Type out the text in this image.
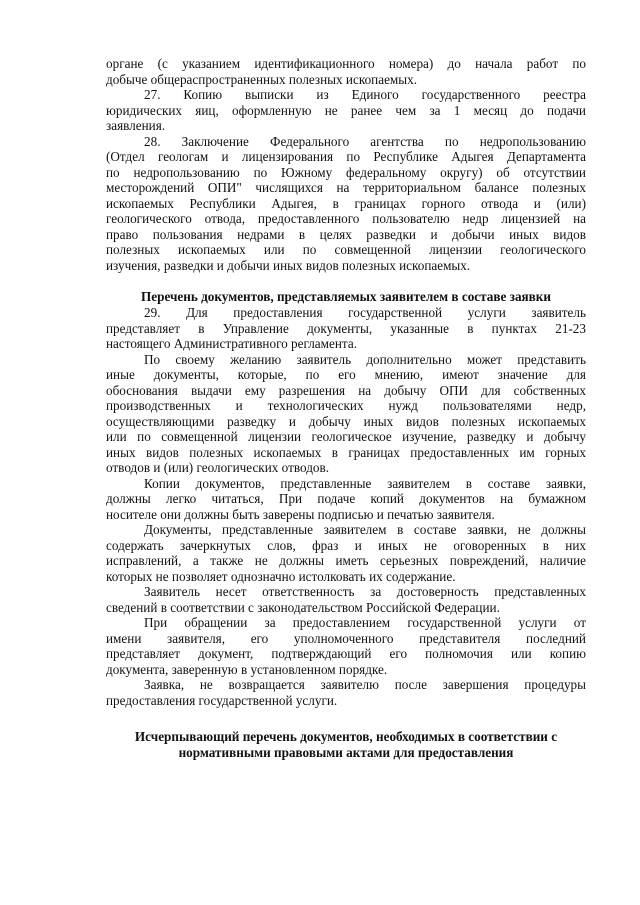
органе (с указанием идентификационного номера) до начала работ по
добыче общераспространенных полезных ископаемых.
27. Копию выписки из Единого государственного реестра
юридических яиц, оформленную не ранее чем за 1 месяц до подачи
заявления.
28. Заключение Федерального агентства по недропользованию
(Отдел геологам и лицензирования по Республике Адыгея Департамента
по недропользованию по Южному федеральному округу) об отсутствии
месторождений ОПИ" числящихся на территориальном балансе полезных
ископаемых Республики Адыгея, в границах горного отвода и (или)
геологического отвода, предоставленного пользователю недр лицензией на
право пользования недрами в целях разведки и добычи иных видов
полезных ископаемых или по совмещенной лицензии геологического
изучения, разведки и добычи иных видов полезных ископаемых.
Перечень документов, представляемых заявителем в составе заявки
29. Для предоставления государственной услуги заявитель
представляет в Управление документы, указанные в пунктах 21-23
настоящего Административного регламента.
По своему желанию заявитель дополнительно может представить
иные документы, которые, по его мнению, имеют значение для
обоснования выдачи ему разрешения на добычу ОПИ для собственных
производственных и технологических нужд пользователями недр,
осуществляющими разведку и добычу иных видов полезных ископаемых
или по совмещенной лицензии геологическое изучение, разведку и добычу
иных видов полезных ископаемых в границах предоставленных им горных
отводов и (или) геологических отводов.
Копии документов, представленные заявителем в составе заявки,
должны легко читаться, При подаче копий документов на бумажном
носителе они должны быть заверены подписью и печатью заявителя.
Документы, представленные заявителем в составе заявки, не должны
содержать зачеркнутых слов, фраз и иных не оговоренных в них
исправлений, а также не должны иметь серьезных повреждений, наличие
которых не позволяет однозначно истолковать их содержание.
Заявитель несет ответственность за достоверность представленных
сведений в соответствии с законодательством Российской Федерации.
При обращении за предоставлением государственной услуги от
имени заявителя, его уполномоченного представителя последний
представляет документ, подтверждающий его полномочия или копию
документа, заверенную в установленном порядке.
Заявка, не возвращается заявителю после завершения процедуры
предоставления государственной услуги.
Исчерпывающий перечень документов, необходимых в соответствии с
нормативными правовыми актами для предоставления
